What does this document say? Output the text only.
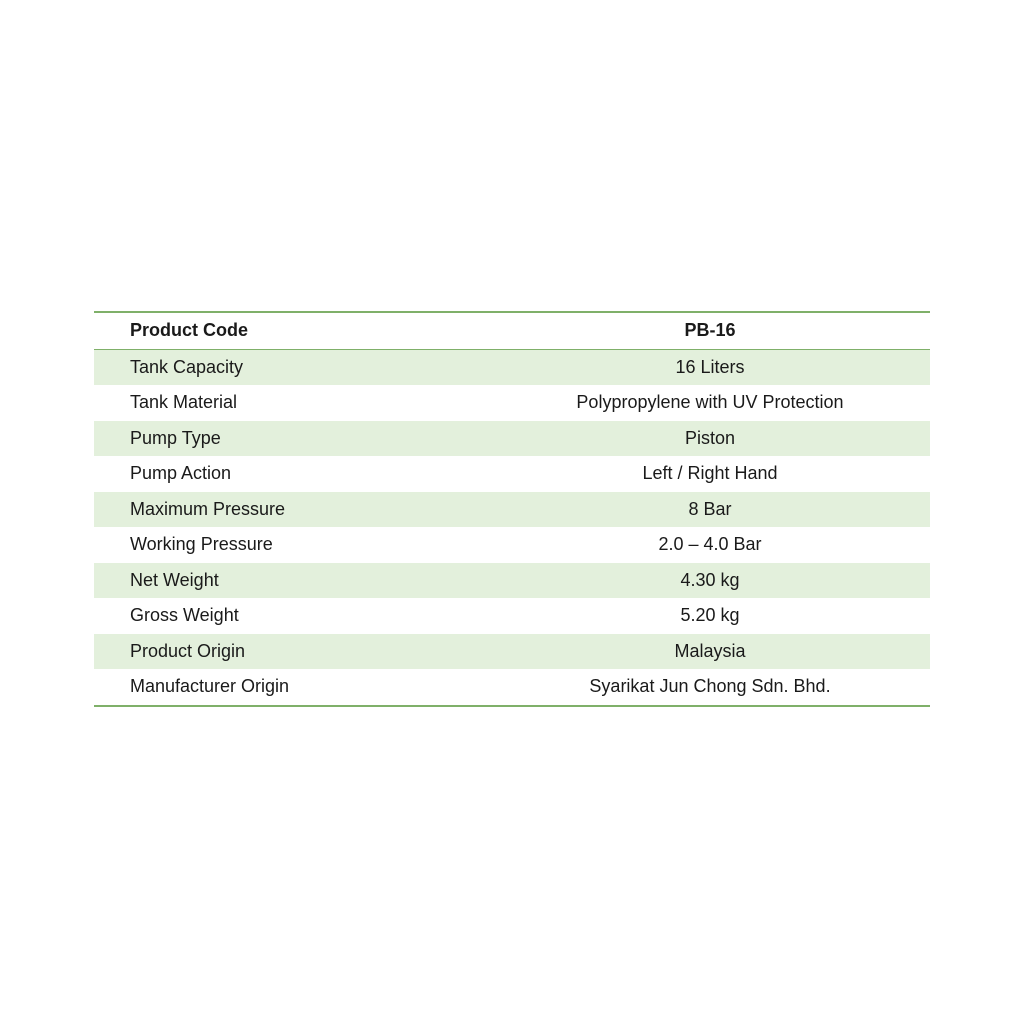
Product Code	PB-16
Tank Capacity	16 Liters
Tank Material	Polypropylene with UV Protection
Pump Type	Piston
Pump Action	Left / Right Hand
Maximum Pressure	8 Bar
Working Pressure	2.0 – 4.0 Bar
Net Weight	4.30 kg
Gross Weight	5.20 kg
Product Origin	Malaysia
Manufacturer Origin	Syarikat Jun Chong Sdn. Bhd.
